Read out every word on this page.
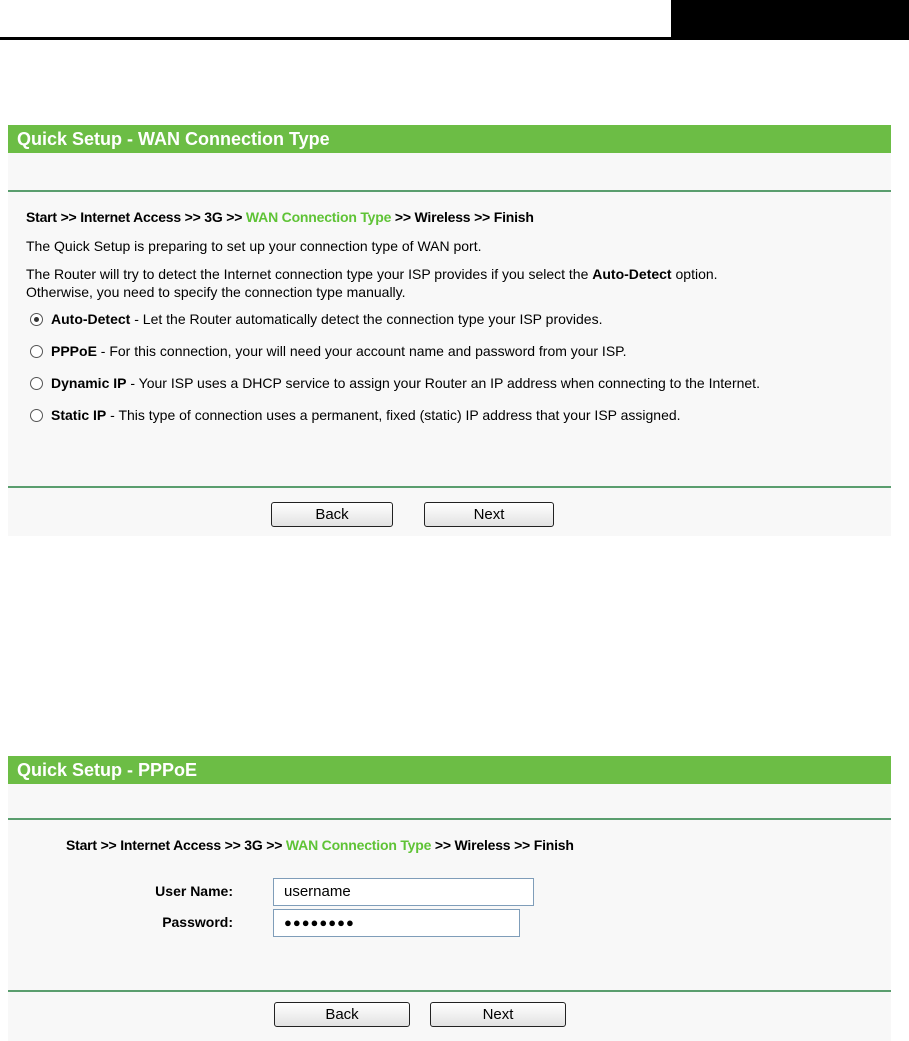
Quick Setup - WAN Connection Type
Start >> Internet Access >> 3G >> WAN Connection Type >> Wireless >> Finish
The Quick Setup is preparing to set up your connection type of WAN port.
The Router will try to detect the Internet connection type your ISP provides if you select the Auto-Detect option.
Otherwise, you need to specify the connection type manually.
Auto-Detect - Let the Router automatically detect the connection type your ISP provides.
PPPoE - For this connection, your will need your account name and password from your ISP.
Dynamic IP - Your ISP uses a DHCP service to assign your Router an IP address when connecting to the Internet.
Static IP - This type of connection uses a permanent, fixed (static) IP address that your ISP assigned.
Back	Next
Quick Setup - PPPoE
Start >> Internet Access >> 3G >> WAN Connection Type >> Wireless >> Finish
User Name:	username
Password:	●●●●●●●●
Back	Next
